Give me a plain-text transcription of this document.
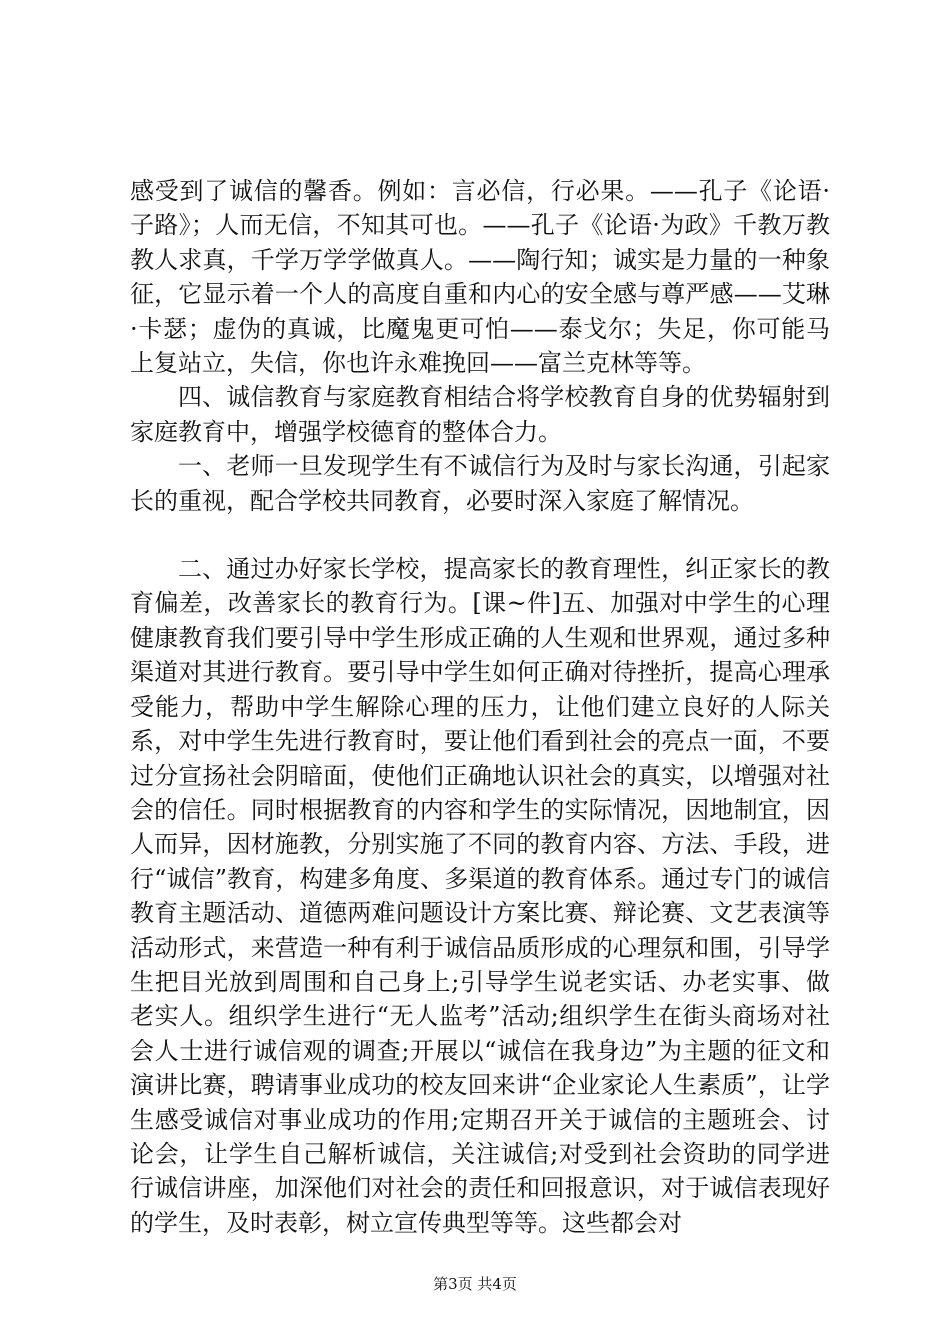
感受到了诚信的馨香。例如：言必信，行必果。——孔子《论语·子路》；人而无信，不知其可也。——孔子《论语·为政》千教万教教人求真，千学万学学做真人。——陶行知；诚实是力量的一种象征，它显示着一个人的高度自重和内心的安全感与尊严感——艾琳·卡瑟；虚伪的真诚，比魔鬼更可怕——泰戈尔；失足，你可能马上复站立，失信，你也许永难挽回——富兰克林等等。

四、诚信教育与家庭教育相结合将学校教育自身的优势辐射到家庭教育中，增强学校德育的整体合力。

一、老师一旦发现学生有不诚信行为及时与家长沟通，引起家长的重视，配合学校共同教育，必要时深入家庭了解情况。

二、通过办好家长学校，提高家长的教育理性，纠正家长的教育偏差，改善家长的教育行为。[课~件]五、加强对中学生的心理健康教育我们要引导中学生形成正确的人生观和世界观，通过多种渠道对其进行教育。要引导中学生如何正确对待挫折，提高心理承受能力，帮助中学生解除心理的压力，让他们建立良好的人际关系，对中学生先进行教育时，要让他们看到社会的亮点一面，不要过分宣扬社会阴暗面，使他们正确地认识社会的真实，以增强对社会的信任。同时根据教育的内容和学生的实际情况，因地制宜，因人而异，因材施教，分别实施了不同的教育内容、方法、手段，进行“诚信”教育，构建多角度、多渠道的教育体系。通过专门的诚信教育主题活动、道德两难问题设计方案比赛、辩论赛、文艺表演等活动形式，来营造一种有利于诚信品质形成的心理氛和围，引导学生把目光放到周围和自己身上;引导学生说老实话、办老实事、做老实人。组织学生进行“无人监考”活动;组织学生在街头商场对社会人士进行诚信观的调查;开展以“诚信在我身边”为主题的征文和演讲比赛，聘请事业成功的校友回来讲“企业家论人生素质”，让学生感受诚信对事业成功的作用;定期召开关于诚信的主题班会、讨论会，让学生自己解析诚信，关注诚信;对受到社会资助的同学进行诚信讲座，加深他们对社会的责任和回报意识，对于诚信表现好的学生，及时表彰，树立宣传典型等等。这些都会对

第3页 共4页
